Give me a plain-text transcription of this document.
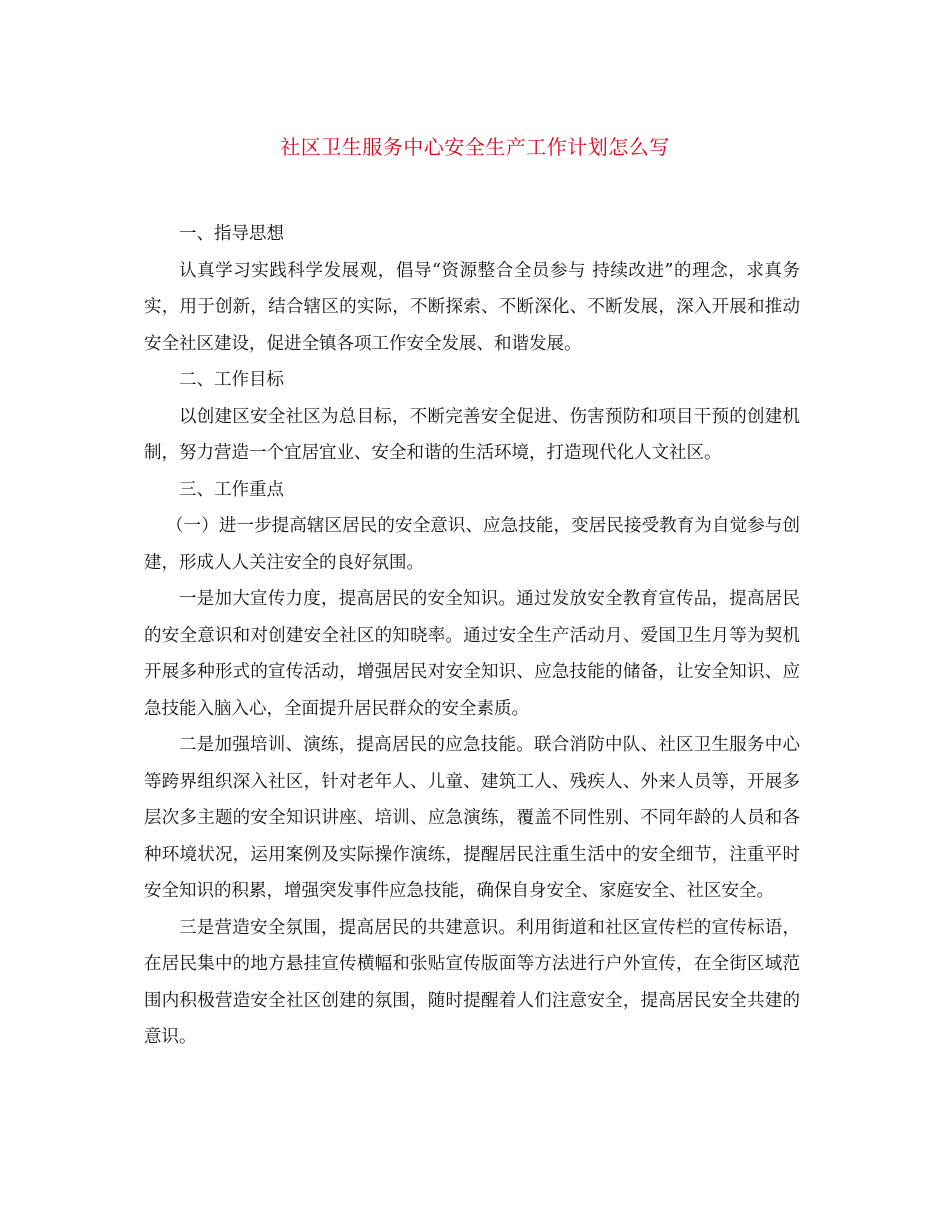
社区卫生服务中心安全生产工作计划怎么写

一、指导思想

认真学习实践科学发展观，倡导“资源整合全员参与 持续改进”的理念，求真务实，用于创新，结合辖区的实际，不断探索、不断深化、不断发展，深入开展和推动安全社区建设，促进全镇各项工作安全发展、和谐发展。

二、工作目标

以创建区安全社区为总目标，不断完善安全促进、伤害预防和项目干预的创建机制，努力营造一个宜居宜业、安全和谐的生活环境，打造现代化人文社区。

三、工作重点

（一）进一步提高辖区居民的安全意识、应急技能，变居民接受教育为自觉参与创建，形成人人关注安全的良好氛围。

一是加大宣传力度，提高居民的安全知识。通过发放安全教育宣传品，提高居民的安全意识和对创建安全社区的知晓率。通过安全生产活动月、爱国卫生月等为契机开展多种形式的宣传活动，增强居民对安全知识、应急技能的储备，让安全知识、应急技能入脑入心，全面提升居民群众的安全素质。

二是加强培训、演练，提高居民的应急技能。联合消防中队、社区卫生服务中心等跨界组织深入社区，针对老年人、儿童、建筑工人、残疾人、外来人员等，开展多层次多主题的安全知识讲座、培训、应急演练，覆盖不同性别、不同年龄的人员和各种环境状况，运用案例及实际操作演练，提醒居民注重生活中的安全细节，注重平时安全知识的积累，增强突发事件应急技能，确保自身安全、家庭安全、社区安全。

三是营造安全氛围，提高居民的共建意识。利用街道和社区宣传栏的宣传标语，在居民集中的地方悬挂宣传横幅和张贴宣传版面等方法进行户外宣传，在全街区域范围内积极营造安全社区创建的氛围，随时提醒着人们注意安全，提高居民安全共建的意识。
